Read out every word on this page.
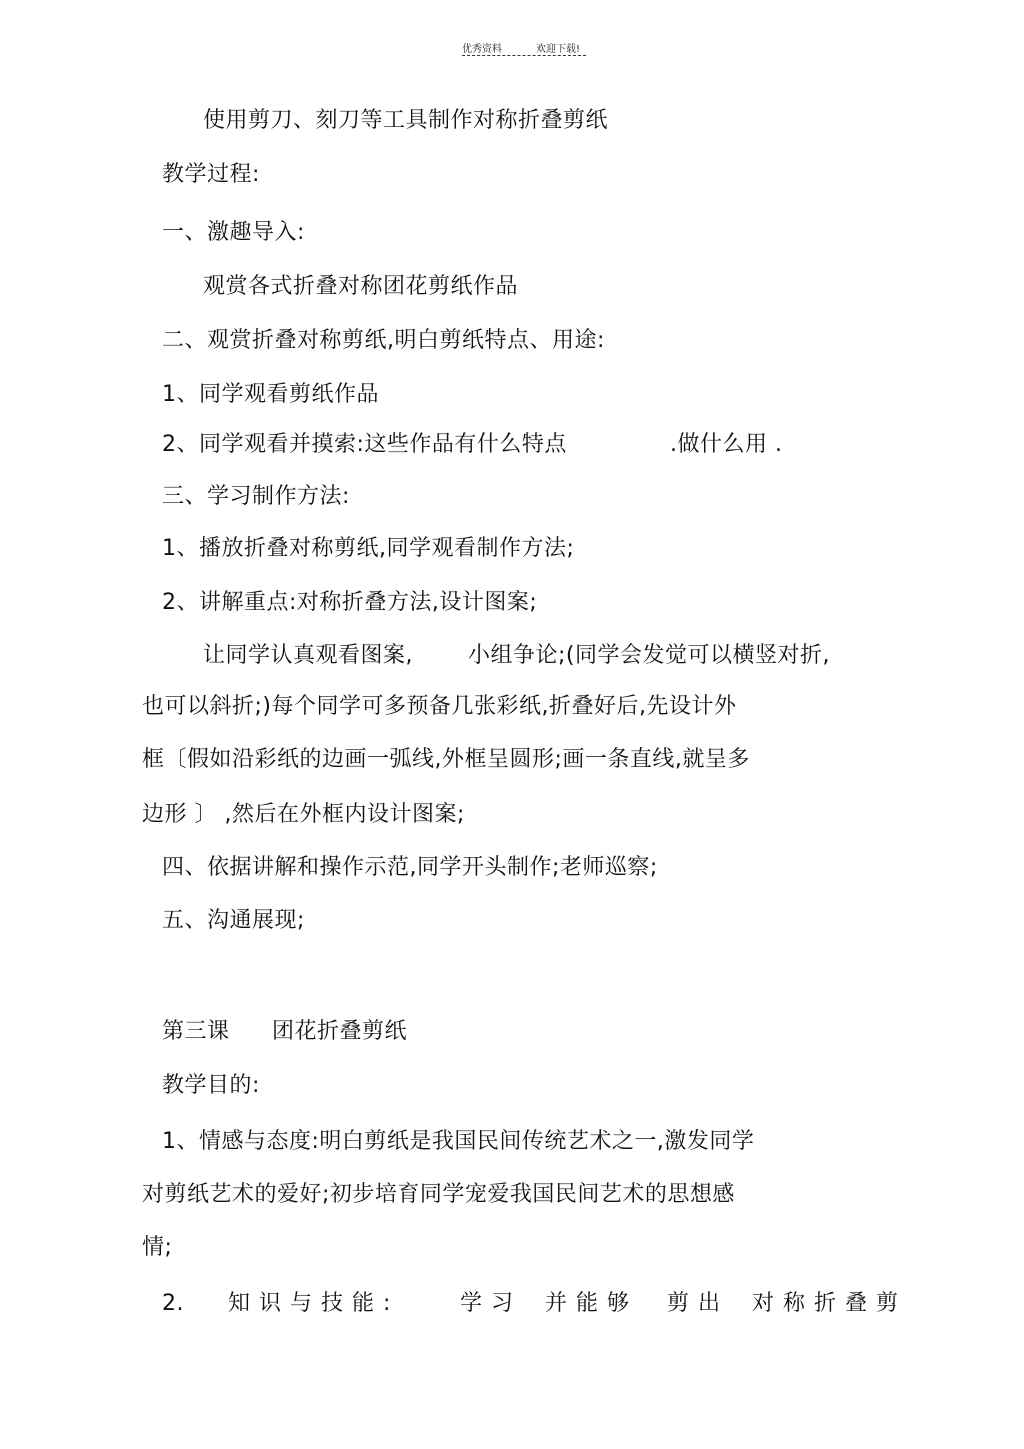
优秀资料	欢迎下载!
使用剪刀、刻刀等工具制作对称折叠剪纸
教学过程:
一、激趣导入:
观赏各式折叠对称团花剪纸作品
二、观赏折叠对称剪纸,明白剪纸特点、用途:
1、同学观看剪纸作品
2、同学观看并摸索:这些作品有什么特点	.做什么用 .
三、学习制作方法:
1、播放折叠对称剪纸,同学观看制作方法;
2、讲解重点:对称折叠方法,设计图案;
让同学认真观看图案,	小组争论;(同学会发觉可以横竖对折,
也可以斜折;)每个同学可多预备几张彩纸,折叠好后,先设计外
框〔假如沿彩纸的边画一弧线,外框呈圆形;画一条直线,就呈多
边形 〕 ,然后在外框内设计图案;
四、依据讲解和操作示范,同学开头制作;老师巡察;
五、沟通展现;
第三课 团花折叠剪纸
教学目的:
1、情感与态度:明白剪纸是我国民间传统艺术之一,激发同学
对剪纸艺术的爱好;初步培育同学宠爱我国民间艺术的思想感
情;
2. 知识与技能:	学习 并能够 剪出 对称折叠剪
